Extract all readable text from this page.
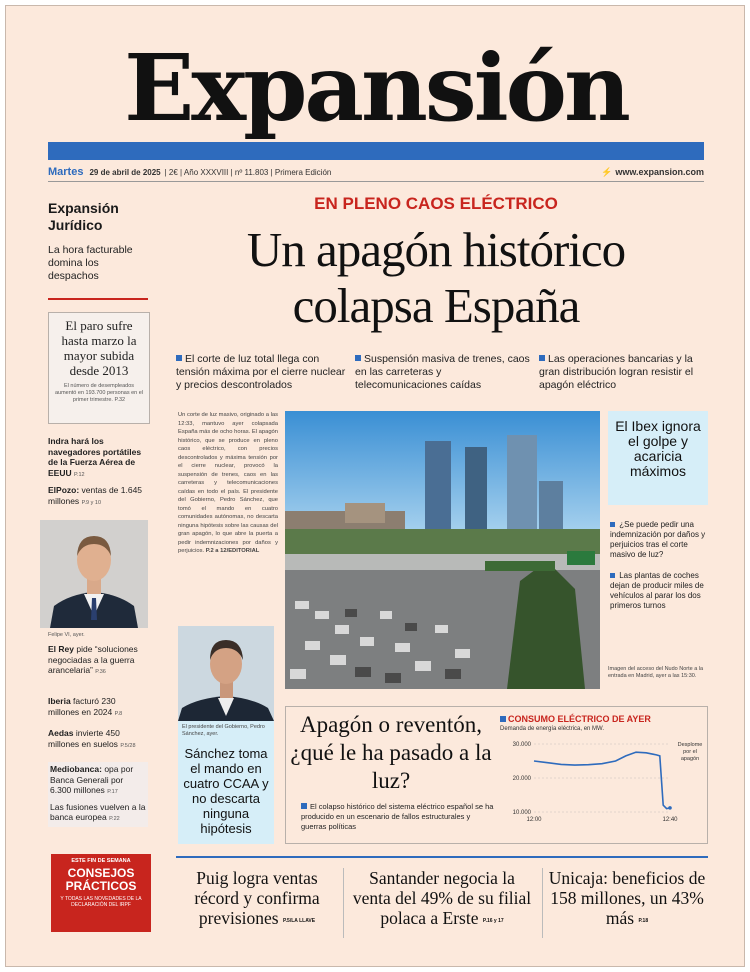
Expansión
Martes 29 de abril de 2025 | 2€ | Año XXXVIII | nº 11.803 | Primera Edición	⚡ www.expansion.com
Expansión Jurídico
La hora facturable domina los despachos
El paro sufre hasta marzo la mayor subida desde 2013
El número de desempleados aumentó en 193.700 personas en el primer trimestre. P.32
Indra hará los navegadores portátiles de la Fuerza Aérea de EEUU P.12
ElPozo: ventas de 1.645 millones P.9 y 10
Felipe VI, ayer.
El Rey pide “soluciones negociadas a la guerra arancelaria” P.36
Iberia facturó 230 millones en 2024 P.8
Aedas invierte 450 millones en suelos P.5/28
Mediobanca: opa por Banca Generali por 6.300 millones P.17
Las fusiones vuelven a la banca europea P.22
ESTE FIN DE SEMANA
CONSEJOS PRÁCTICOS
Y TODAS LAS NOVEDADES DE LA DECLARACIÓN DEL IRPF
EN PLENO CAOS ELÉCTRICO
Un apagón histórico
colapsa España
El corte de luz total llega con tensión máxima por el cierre nuclear y precios descontrolados
Suspensión masiva de trenes, caos en las carreteras y telecomunicaciones caídas
Las operaciones bancarias y la gran distribución logran resistir el apagón eléctrico
Un corte de luz masivo, originado a las 12:33, mantuvo ayer colapsada España más de ocho horas. El apagón histórico, que se produce en pleno caos eléctrico, con precios descontrolados y máxima tensión por el cierre nuclear, provocó la suspensión de trenes, caos en las carreteras y telecomunicaciones caídas en todo el país. El presidente del Gobierno, Pedro Sánchez, que tomó el mando en cuatro comunidades autónomas, no descarta ninguna hipótesis sobre las causas del gran apagón, lo que abre la puerta a pedir indemnizaciones por daños y perjuicios. P.2 a 12/EDITORIAL
El Ibex ignora el golpe y acaricia máximos
¿Se puede pedir una indemnización por daños y perjuicios tras el corte masivo de luz?
Las plantas de coches dejan de producir miles de vehículos al parar los dos primeros turnos
Imagen del acceso del Nudo Norte a la entrada en Madrid, ayer a las 15:30.
El presidente del Gobierno, Pedro Sánchez, ayer.
Sánchez toma el mando en cuatro CCAA y no descarta ninguna hipótesis
Apagón o reventón, ¿qué le ha pasado a la luz?
El colapso histórico del sistema eléctrico español se ha producido en un escenario de fallos estructurales y guerras políticas
CONSUMO ELÉCTRICO DE AYER
Demanda de energía eléctrica, en MW.
30.000
20.000
10.000
12:00	12:40
Desplome
por el
apagón
Puig logra ventas récord y confirma previsiones P.5/LA LLAVE
Santander negocia la venta del 49% de su filial polaca a Erste P.16 y 17
Unicaja: beneficios de 158 millones, un 43% más P.18
